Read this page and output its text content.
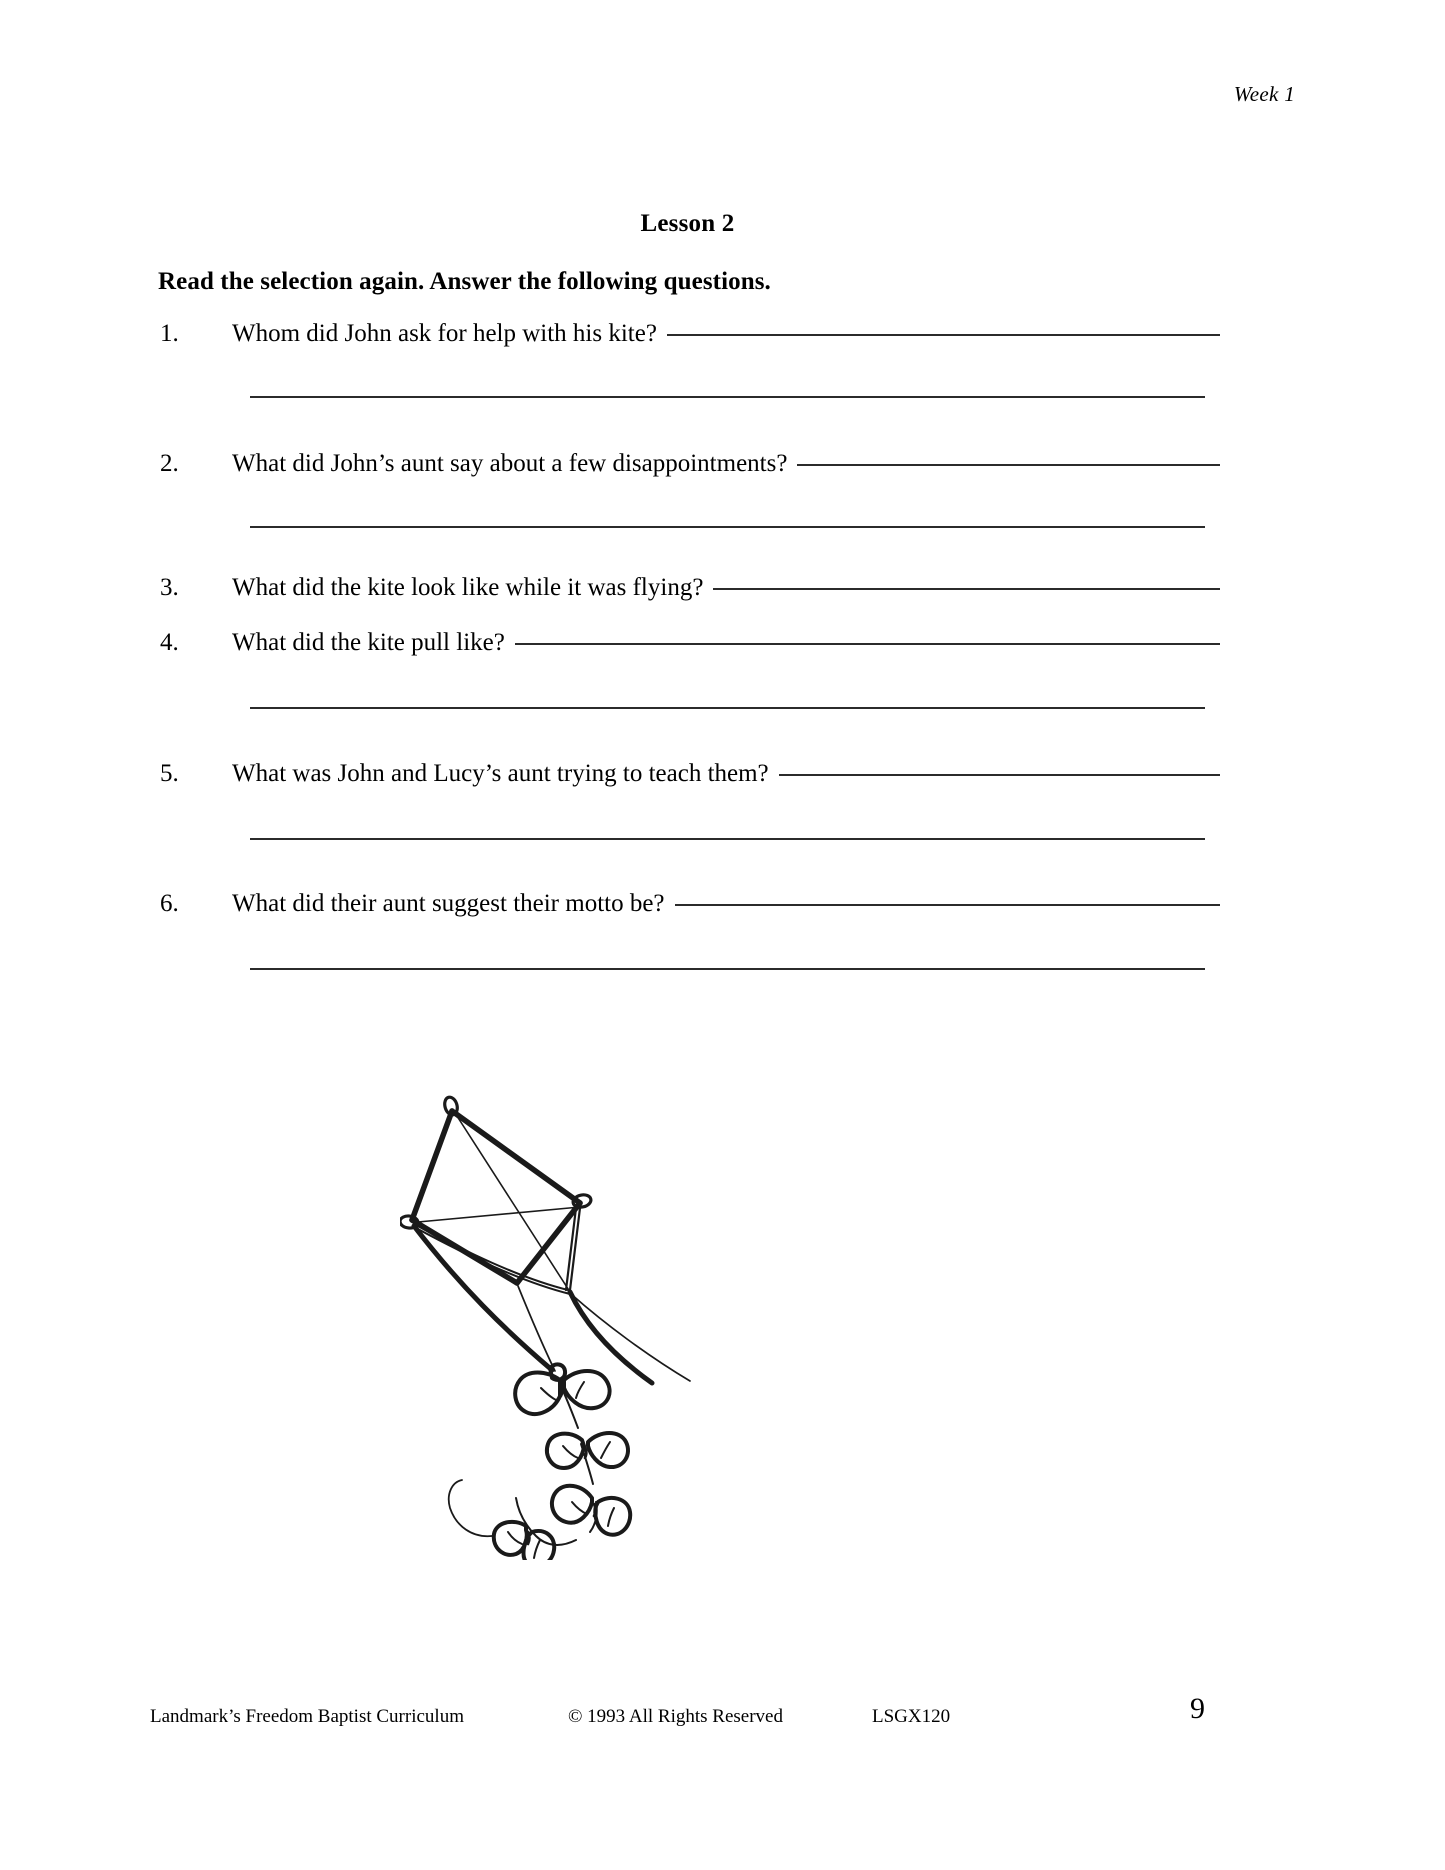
Week 1
Lesson 2
Read the selection again. Answer the following questions.
1.	Whom did John ask for help with his kite?
2.	What did John’s aunt say about a few disappointments?
3.	What did the kite look like while it was flying?
4.	What did the kite pull like?
5.	What was John and Lucy’s aunt trying to teach them?
6.	What did their aunt suggest their motto be?
Landmark’s Freedom Baptist Curriculum	© 1993 All Rights Reserved	LSGX120	9
